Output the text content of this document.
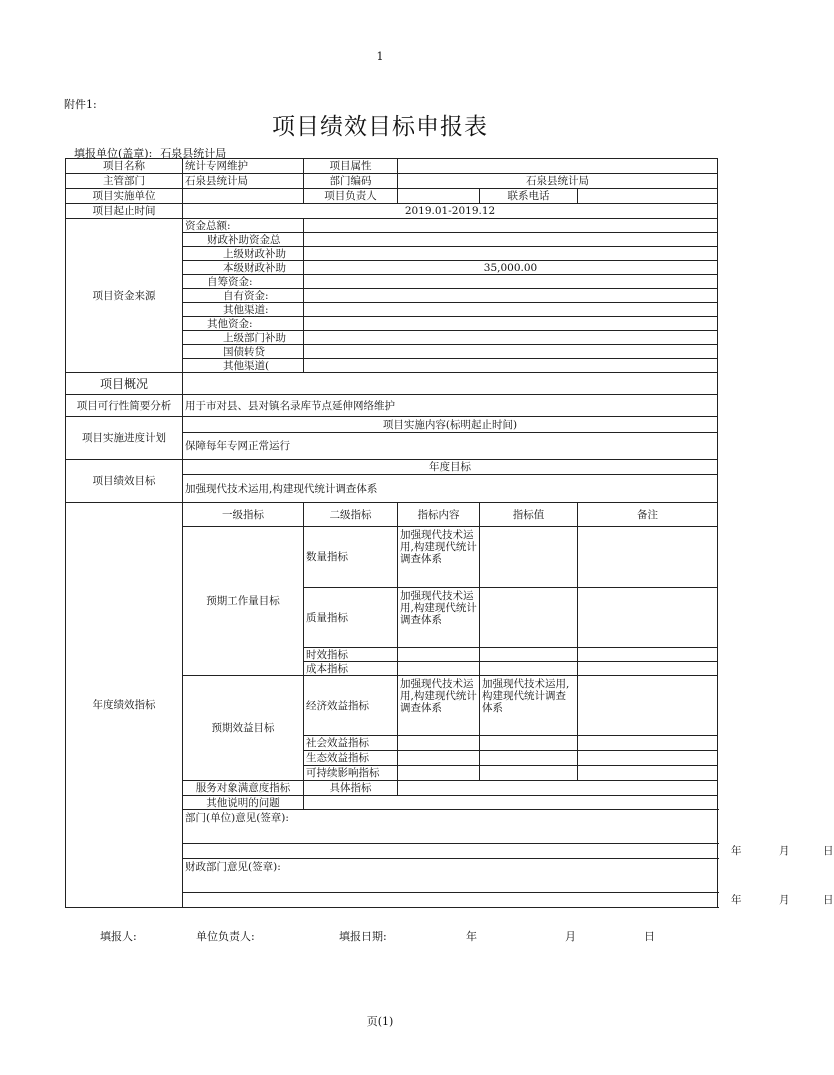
1
附件1:
项目绩效目标申报表
填报单位(盖章): 石泉县统计局
项目名称	统计专网维护	项目属性			
主管部门	石泉县统计局	部门编码	石泉县统计局		
项目实施单位		项目负责人		联系电话	
项目起止时间	2019.01-2019.12				
项目资金来源	资金总额:				
	财政补助资金总				
	上级财政补助				
	本级财政补助	35,000.00			
	自筹资金:				
	自有资金:				
	其他渠道:				
	其他资金:				
	上级部门补助				
	国债转贷				
	其他渠道(				
项目概况					
项目可行性简要分析	用于市对县、县对镇名录库节点延伸网络维护				
项目实施进度计划	项目实施内容(标明起止时间)				
	保障每年专网正常运行				
项目绩效目标	年度目标				
	加强现代技术运用,构建现代统计调查体系				
年度绩效指标	一级指标	二级指标	指标内容	指标值	备注
	预期工作量目标	数量指标	加强现代技术运用,构建现代统计调查体系		
		质量指标	加强现代技术运用,构建现代统计调查体系		
		时效指标			
		成本指标			
	预期效益目标	经济效益指标	加强现代技术运用,构建现代统计调查体系	加强现代技术运用,构建现代统计调查体系	
		社会效益指标			
		生态效益指标			
		可持续影响指标			
	服务对象满意度指标	具体指标			
	其他说明的问题				

	部门(单位)意见(签章):				

	年 月 日				

	财政部门意见(签章):				

	年 月 日				
填报人:	单位负责人:	填报日期:	年	月	日
页(1)
